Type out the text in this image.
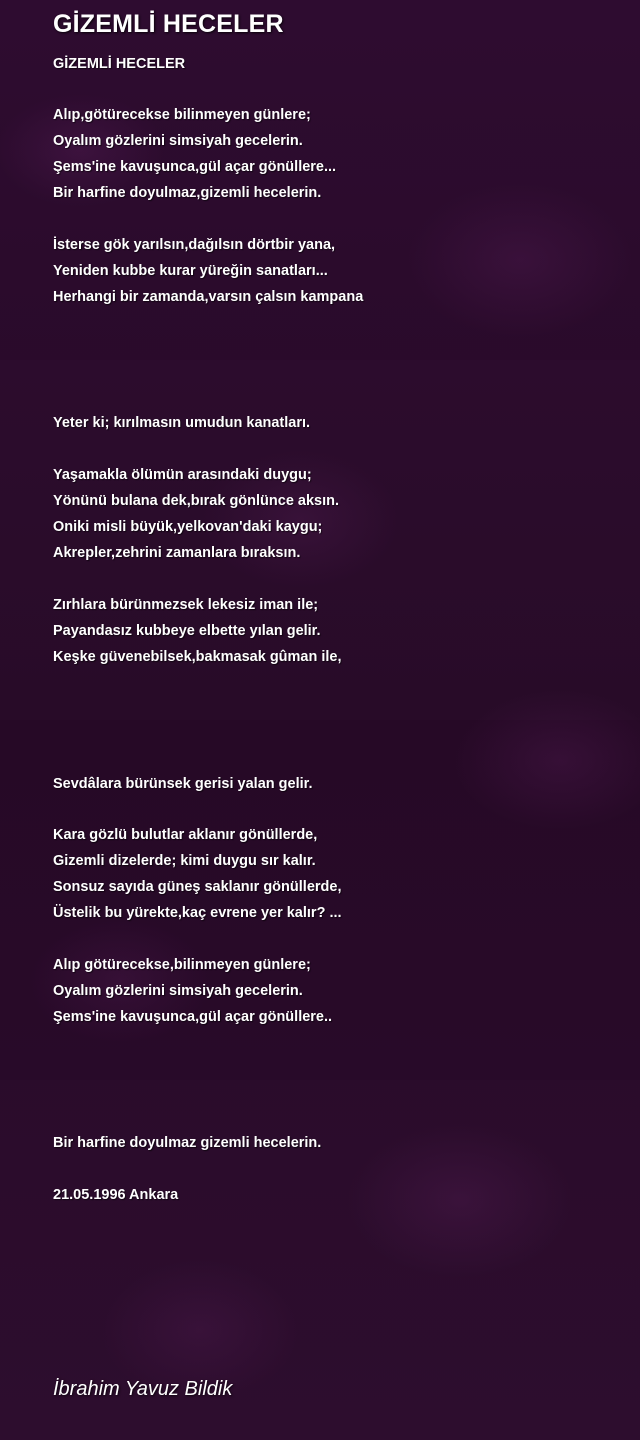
GİZEMLİ HECELER

GİZEMLİ HECELER

Alıp,götürecekse bilinmeyen günlere;

Oyalım gözlerini simsiyah gecelerin.

Şems'ine kavuşunca,gül açar gönüllere...

Bir harfine doyulmaz,gizemli hecelerin.

İsterse gök yarılsın,dağılsın dörtbir yana,

Yeniden kubbe kurar yüreğin sanatları...

Herhangi bir zamanda,varsın çalsın kampana

Yeter ki; kırılmasın umudun kanatları.

Yaşamakla ölümün arasındaki duygu;

Yönünü bulana dek,bırak gönlünce aksın.

Oniki misli büyük,yelkovan'daki kaygu;

Akrepler,zehrini zamanlara bıraksın.

Zırhlara bürünmezsek lekesiz iman ile;

Payandasız kubbeye elbette yılan gelir.

Keşke güvenebilsek,bakmasak gûman ile,

Sevdâlara bürünsek gerisi yalan gelir.

Kara gözlü bulutlar aklanır gönüllerde,

Gizemli dizelerde; kimi duygu sır kalır.

Sonsuz sayıda güneş saklanır gönüllerde,

Üstelik bu yürekte,kaç evrene yer kalır? ...

Alıp götürecekse,bilinmeyen günlere;

Oyalım gözlerini simsiyah gecelerin.

Şems'ine kavuşunca,gül açar gönüllere..

Bir harfine doyulmaz gizemli hecelerin.

21.05.1996 Ankara

İbrahim Yavuz Bildik
